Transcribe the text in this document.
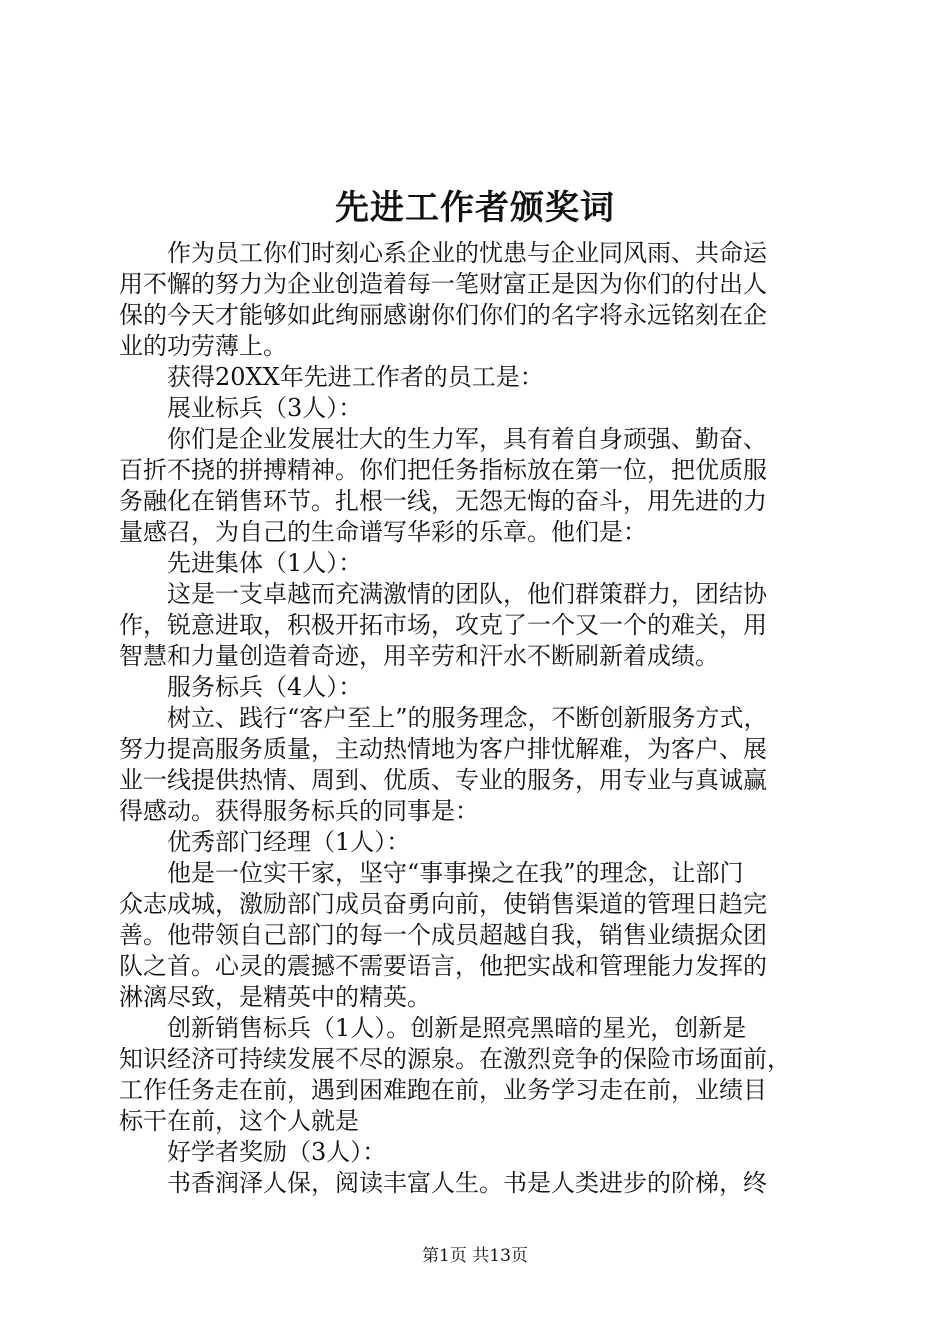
先进工作者颁奖词
　　作为员工你们时刻心系企业的忧患与企业同风雨、共命运
用不懈的努力为企业创造着每一笔财富正是因为你们的付出人
保的今天才能够如此绚丽感谢你们你们的名字将永远铭刻在企
业的功劳薄上。
　　获得20XX年先进工作者的员工是：
　　展业标兵（3人）：
　　你们是企业发展壮大的生力军，具有着自身顽强、勤奋、
百折不挠的拼搏精神。你们把任务指标放在第一位，把优质服
务融化在销售环节。扎根一线，无怨无悔的奋斗，用先进的力
量感召，为自己的生命谱写华彩的乐章。他们是：
　　先进集体（1人）：
　　这是一支卓越而充满激情的团队，他们群策群力，团结协
作，锐意进取，积极开拓市场，攻克了一个又一个的难关，用
智慧和力量创造着奇迹，用辛劳和汗水不断刷新着成绩。
　　服务标兵（4人）：
　　树立、践行“客户至上”的服务理念，不断创新服务方式，
努力提高服务质量，主动热情地为客户排忧解难，为客户、展
业一线提供热情、周到、优质、专业的服务，用专业与真诚赢
得感动。获得服务标兵的同事是：
　　优秀部门经理（1人）：
　　他是一位实干家，坚守“事事操之在我”的理念，让部门
众志成城，激励部门成员奋勇向前，使销售渠道的管理日趋完
善。他带领自己部门的每一个成员超越自我，销售业绩据众团
队之首。心灵的震撼不需要语言，他把实战和管理能力发挥的
淋漓尽致，是精英中的精英。
　　创新销售标兵（1人）。创新是照亮黑暗的星光，创新是
知识经济可持续发展不尽的源泉。在激烈竞争的保险市场面前，
工作任务走在前，遇到困难跑在前，业务学习走在前，业绩目
标干在前，这个人就是
　　好学者奖励（3人）：
　　书香润泽人保，阅读丰富人生。书是人类进步的阶梯，终
第1页 共13页
